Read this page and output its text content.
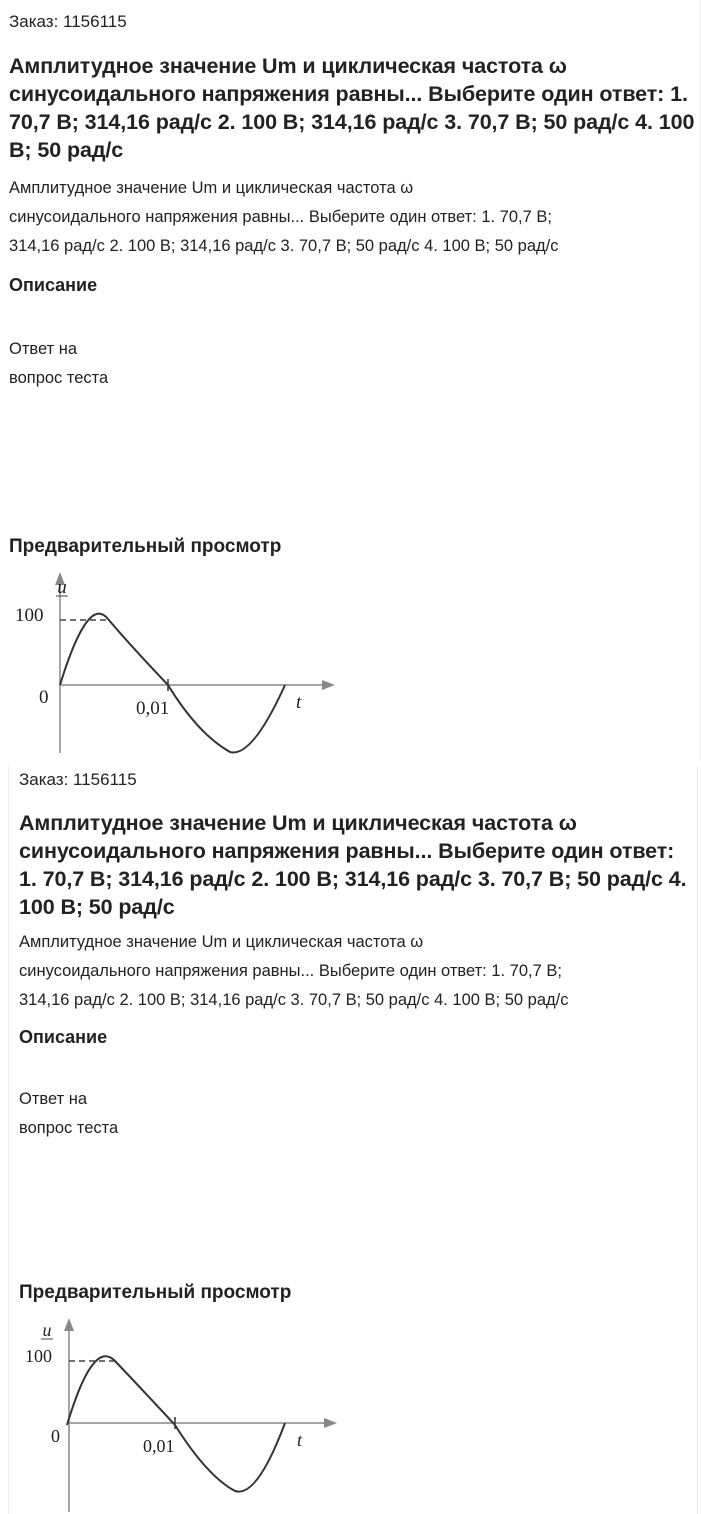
Заказ: 1156115

Амплитудное значение Um и циклическая частота ω синусоидального напряжения равны... Выберите один ответ: 1. 70,7 В; 314,16 рад/с 2. 100 В; 314,16 рад/с 3. 70,7 В; 50 рад/с 4. 100 В; 50 рад/с

Амплитудное значение Um и циклическая частота ω
синусоидального напряжения равны... Выберите один ответ: 1. 70,7 В;
314,16 рад/с 2. 100 В; 314,16 рад/с 3. 70,7 В; 50 рад/с 4. 100 В; 50 рад/с

Описание

Ответ на
вопрос теста

Предварительный просмотр
u
100
0
0,01	t

Заказ: 1156115

Амплитудное значение Um и циклическая частота ω синусоидального напряжения равны... Выберите один ответ: 1. 70,7 В; 314,16 рад/с 2. 100 В; 314,16 рад/с 3. 70,7 В; 50 рад/с 4. 100 В; 50 рад/с

Амплитудное значение Um и циклическая частота ω
синусоидального напряжения равны... Выберите один ответ: 1. 70,7 В;
314,16 рад/с 2. 100 В; 314,16 рад/с 3. 70,7 В; 50 рад/с 4. 100 В; 50 рад/с

Описание

Ответ на
вопрос теста

Предварительный просмотр
u
100
0	0,01	t
